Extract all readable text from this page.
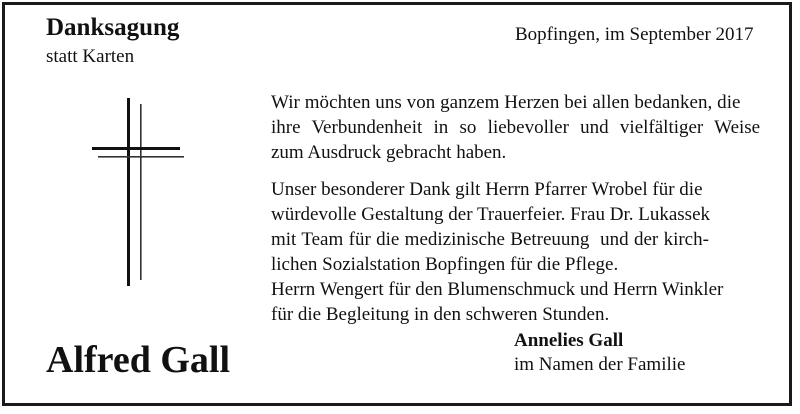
Danksagung
statt Karten
Bopfingen, im September 2017

Wir möchten uns von ganzem Herzen bei allen bedanken, die
ihre Verbundenheit in so liebevoller und vielfältiger Weise
zum Ausdruck gebracht haben.

Unser besonderer Dank gilt Herrn Pfarrer Wrobel für die
würdevolle Gestaltung der Trauerfeier. Frau Dr. Lukassek
mit Team für die medizinische Betreuung  und der kirch-
lichen Sozialstation Bopfingen für die Pflege.
Herrn Wengert für den Blumenschmuck und Herrn Winkler
für die Begleitung in den schweren Stunden.

Alfred Gall	Annelies Gall
im Namen der Familie
